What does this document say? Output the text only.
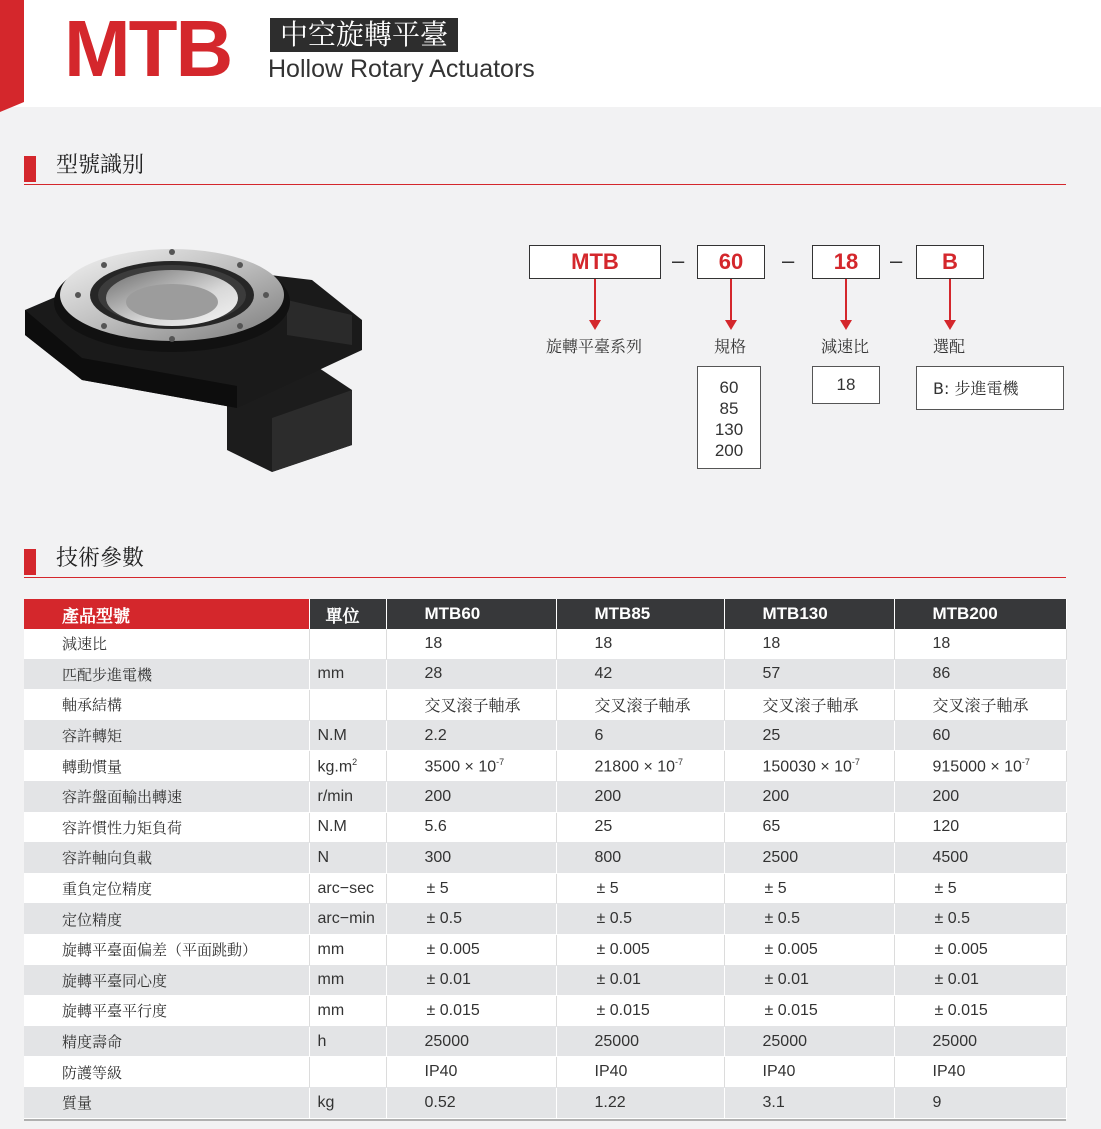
MTB	中空旋轉平臺
Hollow Rotary Actuators
型號識别
MTB	–	60	–	18	–	B
旋轉平臺系列	規格	減速比	選配
60
85
130
200
18	B: 步進電機
技術參數
產品型號	單位	MTB60	MTB85	MTB130	MTB200
減速比		18	18	18	18
匹配步進電機	mm	28	42	57	86
軸承結構		交叉滚子軸承	交叉滚子軸承	交叉滚子軸承	交叉滚子軸承
容許轉矩	N.M	2.2	6	25	60
轉動慣量	$kg.m^2$	$3500 \times 10^{-7}$	$21800 \times 10^{-7}$	$150030 \times 10^{-7}$	$915000 \times 10^{-7}$
容許盤面輸出轉速	r/min	200	200	200	200
容許慣性力矩負荷	N.M	5.6	25	65	120
容許軸向負載	N	300	800	2500	4500
重負定位精度	arc−sec	± 5	± 5	± 5	± 5
定位精度	arc−min	± 0.5	± 0.5	± 0.5	± 0.5
旋轉平臺面偏差（平面跳動）	mm	± 0.005	± 0.005	± 0.005	± 0.005
旋轉平臺同心度	mm	± 0.01	± 0.01	± 0.01	± 0.01
旋轉平臺平行度	mm	± 0.015	± 0.015	± 0.015	± 0.015
精度壽命	h	25000	25000	25000	25000
防護等級		IP40	IP40	IP40	IP40
質量	kg	0.52	1.22	3.1	9
